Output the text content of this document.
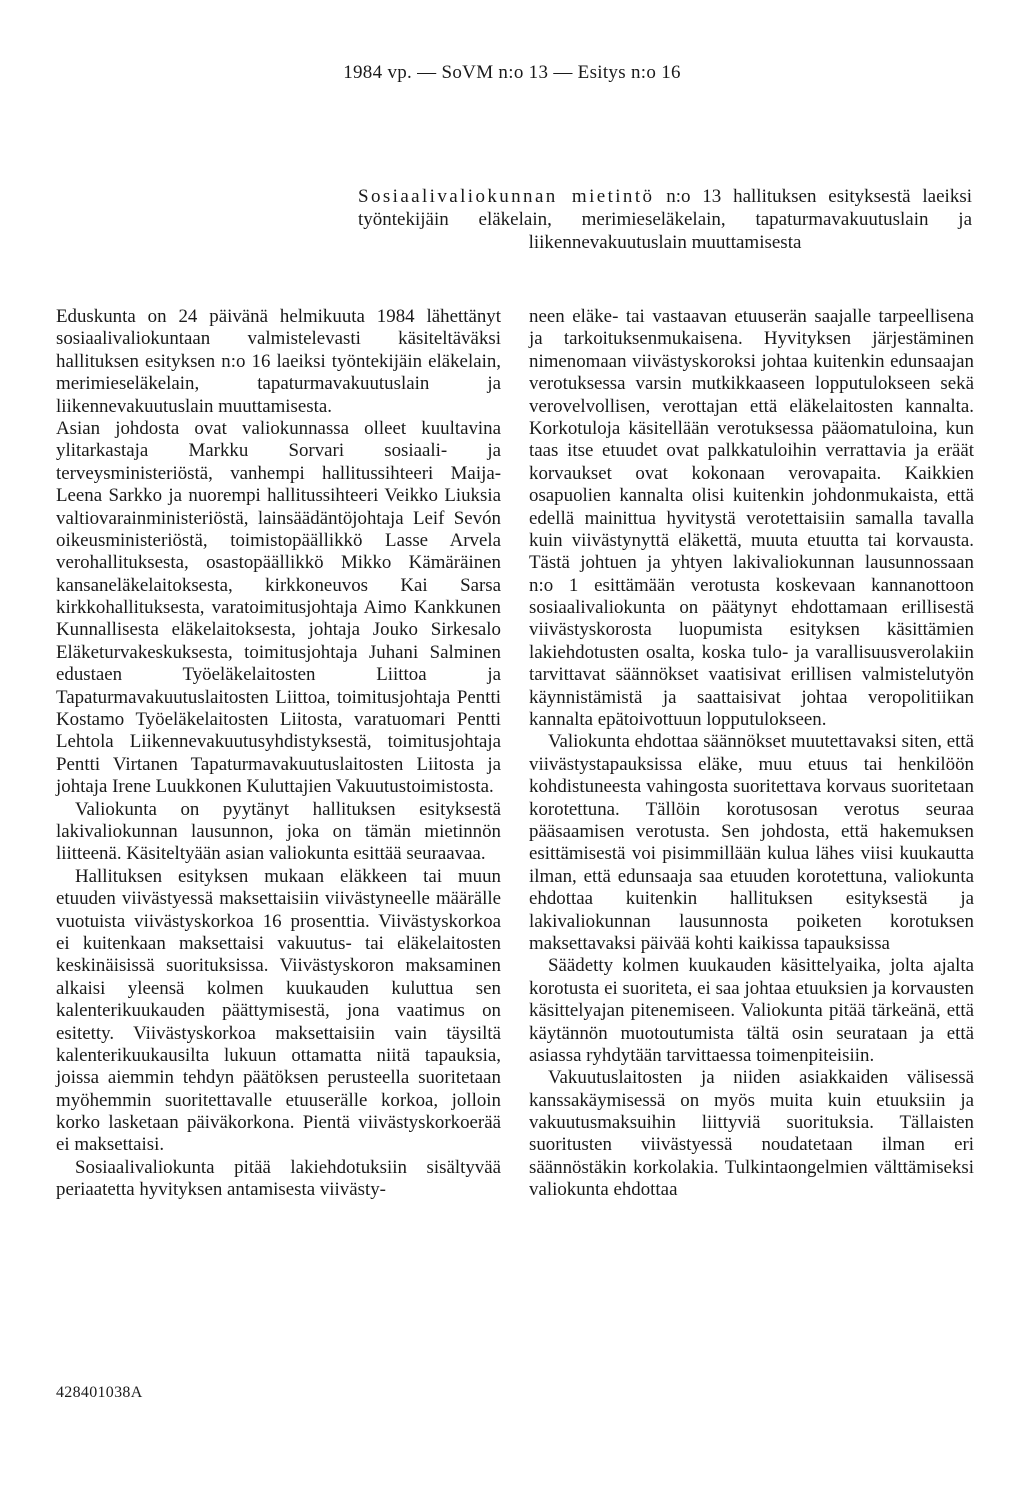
1984 vp. — SoVM n:o 13 — Esitys n:o 16
Sosiaalivaliokunnan mietintö n:o 13 hallituksen esityksestä laeiksi työntekijäin eläkelain, merimieseläkelain, tapaturmavakuutuslain ja liikennevakuutuslain muuttamisesta

Eduskunta on 24 päivänä helmikuuta 1984 lähettänyt sosiaalivaliokuntaan valmistelevasti käsiteltäväksi hallituksen esityksen n:o 16 laeiksi työntekijäin eläkelain, merimieseläkelain, tapaturmavakuutuslain ja liikennevakuutuslain muuttamisesta.

Asian johdosta ovat valiokunnassa olleet kuultavina ylitarkastaja Markku Sorvari sosiaali- ja terveysministeriöstä, vanhempi hallitussihteeri Maija-Leena Sarkko ja nuorempi hallitussihteeri Veikko Liuksia valtiovarainministeriöstä, lainsäädäntöjohtaja Leif Sevón oikeusministeriöstä, toimistopäällikkö Lasse Arvela verohallituksesta, osastopäällikkö Mikko Kämäräinen kansaneläkelaitoksesta, kirkkoneuvos Kai Sarsa kirkkohallituksesta, varatoimitusjohtaja Aimo Kankkunen Kunnallisesta eläkelaitoksesta, johtaja Jouko Sirkesalo Eläketurvakeskuksesta, toimitusjohtaja Juhani Salminen edustaen Työeläkelaitosten Liittoa ja Tapaturmavakuutuslaitosten Liittoa, toimitusjohtaja Pentti Kostamo Työeläkelaitosten Liitosta, varatuomari Pentti Lehtola Liikennevakuutusyhdistyksestä, toimitusjohtaja Pentti Virtanen Tapaturmavakuutuslaitosten Liitosta ja johtaja Irene Luukkonen Kuluttajien Vakuutustoimistosta.

Valiokunta on pyytänyt hallituksen esityksestä lakivaliokunnan lausunnon, joka on tämän mietinnön liitteenä. Käsiteltyään asian valiokunta esittää seuraavaa.

Hallituksen esityksen mukaan eläkkeen tai muun etuuden viivästyessä maksettaisiin viivästyneelle määrälle vuotuista viivästyskorkoa 16 prosenttia. Viivästyskorkoa ei kuitenkaan maksettaisi vakuutus- tai eläkelaitosten keskinäisissä suorituksissa. Viivästyskoron maksaminen alkaisi yleensä kolmen kuukauden kuluttua sen kalenterikuukauden päättymisestä, jona vaatimus on esitetty. Viivästyskorkoa maksettaisiin vain täysiltä kalenterikuukausilta lukuun ottamatta niitä tapauksia, joissa aiemmin tehdyn päätöksen perusteella suoritetaan myöhemmin suoritettavalle etuuserälle korkoa, jolloin korko lasketaan päiväkorkona. Pientä viivästyskorkoerää ei maksettaisi.

Sosiaalivaliokunta pitää lakiehdotuksiin sisältyvää periaatetta hyvityksen antamisesta viivästy-

neen eläke- tai vastaavan etuuserän saajalle tarpeellisena ja tarkoituksenmukaisena. Hyvityksen järjestäminen nimenomaan viivästyskoroksi johtaa kuitenkin edunsaajan verotuksessa varsin mutkikkaaseen lopputulokseen sekä verovelvollisen, verottajan että eläkelaitosten kannalta. Korkotuloja käsitellään verotuksessa pääomatuloina, kun taas itse etuudet ovat palkkatuloihin verrattavia ja eräät korvaukset ovat kokonaan verovapaita. Kaikkien osapuolien kannalta olisi kuitenkin johdonmukaista, että edellä mainittua hyvitystä verotettaisiin samalla tavalla kuin viivästynyttä eläkettä, muuta etuutta tai korvausta. Tästä johtuen ja yhtyen lakivaliokunnan lausunnossaan n:o 1 esittämään verotusta koskevaan kannanottoon sosiaalivaliokunta on päätynyt ehdottamaan erillisestä viivästyskorosta luopumista esityksen käsittämien lakiehdotusten osalta, koska tulo- ja varallisuusverolakiin tarvittavat säännökset vaatisivat erillisen valmistelutyön käynnistämistä ja saattaisivat johtaa veropolitiikan kannalta epätoivottuun lopputulokseen.

Valiokunta ehdottaa säännökset muutettavaksi siten, että viivästystapauksissa eläke, muu etuus tai henkilöön kohdistuneesta vahingosta suoritettava korvaus suoritetaan korotettuna. Tällöin korotusosan verotus seuraa pääsaamisen verotusta. Sen johdosta, että hakemuksen esittämisestä voi pisimmillään kulua lähes viisi kuukautta ilman, että edunsaaja saa etuuden korotettuna, valiokunta ehdottaa kuitenkin hallituksen esityksestä ja lakivaliokunnan lausunnosta poiketen korotuksen maksettavaksi päivää kohti kaikissa tapauksissa

Säädetty kolmen kuukauden käsittelyaika, jolta ajalta korotusta ei suoriteta, ei saa johtaa etuuksien ja korvausten käsittelyajan pitenemiseen. Valiokunta pitää tärkeänä, että käytännön muotoutumista tältä osin seurataan ja että asiassa ryhdytään tarvittaessa toimenpiteisiin.

Vakuutuslaitosten ja niiden asiakkaiden välisessä kanssakäymisessä on myös muita kuin etuuksiin ja vakuutusmaksuihin liittyviä suorituksia. Tällaisten suoritusten viivästyessä noudatetaan ilman eri säännöstäkin korkolakia. Tulkintaongelmien välttämiseksi valiokunta ehdottaa

428401038A
